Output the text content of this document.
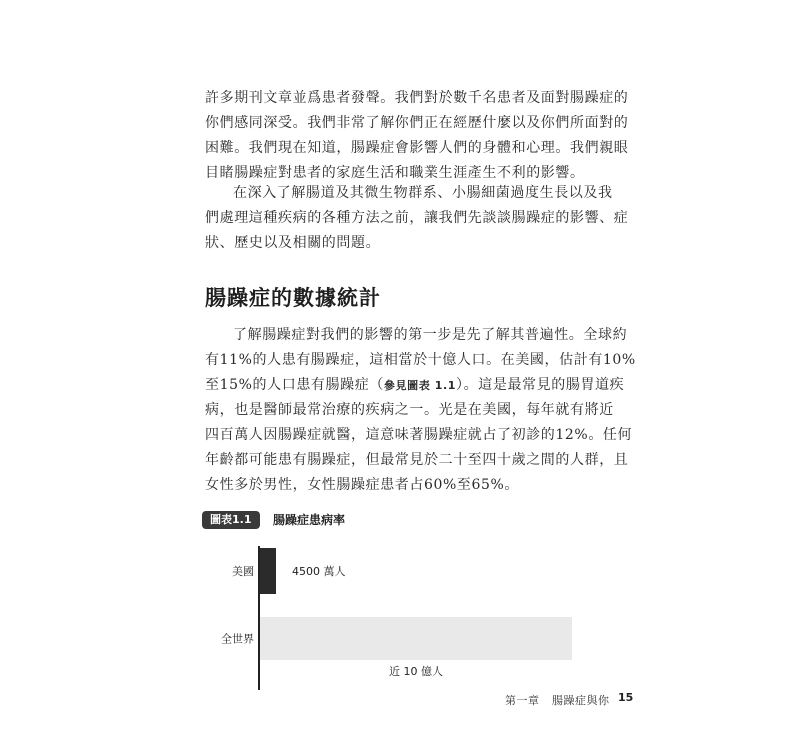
許多期刊文章並爲患者發聲。我們對於數千名患者及面對腸躁症的
你們感同深受。我們非常了解你們正在經歷什麼以及你們所面對的
困難。我們現在知道，腸躁症會影響人們的身體和心理。我們親眼
目睹腸躁症對患者的家庭生活和職業生涯產生不利的影響。
在深入了解腸道及其微生物群系、小腸細菌過度生長以及我
們處理這種疾病的各種方法之前，讓我們先談談腸躁症的影響、症
狀、歷史以及相關的問題。
腸躁症的數據統計
了解腸躁症對我們的影響的第一步是先了解其普遍性。全球約
有11%的人患有腸躁症，這相當於十億人口。在美國，估計有10%
至15%的人口患有腸躁症（參見圖表 1.1）。這是最常見的腸胃道疾
病，也是醫師最常治療的疾病之一。光是在美國，每年就有將近
四百萬人因腸躁症就醫，這意味著腸躁症就占了初診的12%。任何
年齡都可能患有腸躁症，但最常見於二十至四十歲之間的人群，且
女性多於男性，女性腸躁症患者占60%至65%。
圖表1.1	腸躁症患病率
美國	4500 萬人
全世界
近 10 億人
第一章 腸躁症與你 15
